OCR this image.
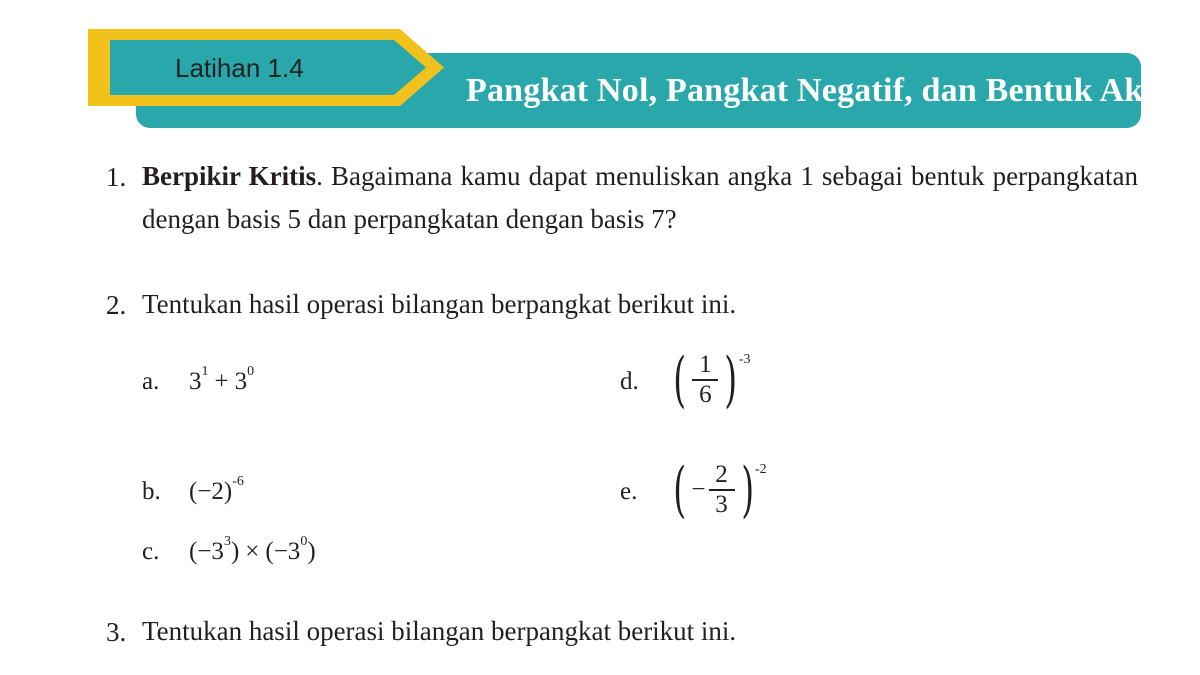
Pangkat Nol, Pangkat Negatif, dan Bentuk Akar
Latihan 1.4
1. Berpikir Kritis. Bagaimana kamu dapat menuliskan angka 1 sebagai bentuk perpangkatan dengan basis 5 dan perpangkatan dengan basis 7?
2. Tentukan hasil operasi bilangan berpangkat berikut ini.
a. $3^1 + 3^0$
b. $(-2)^{-6}$
c. $(-3^3) \times (-3^0)$
d. ( $\frac{1}{6}$ ) -3
e. ( − $\frac{2}{3}$ ) -2
3. Tentukan hasil operasi bilangan berpangkat berikut ini.
